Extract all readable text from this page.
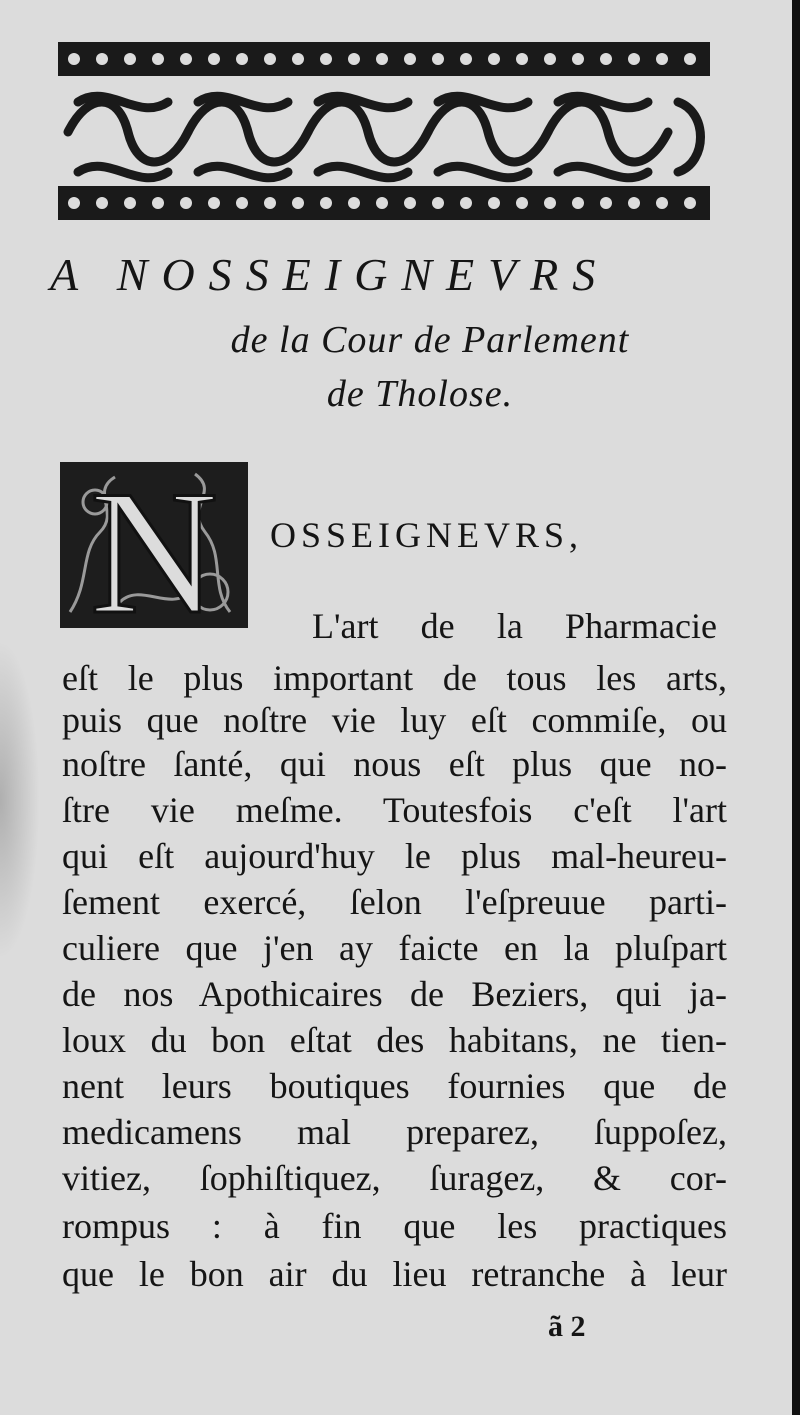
A NOSSEIGNEVRS
de la Cour de Parlement
de Tholose.
N OSSEIGNEVRS,
L'art de la Pharmacie
eſt le plus important de tous les arts,
puis que noſtre vie luy eſt commiſe, ou
noſtre ſanté, qui nous eſt plus que no-
ſtre vie meſme. Toutesfois c'eſt l'art
qui eſt aujourd'huy le plus mal-heureu-
ſement exercé, ſelon l'eſpreuue parti-
culiere que j'en ay faicte en la pluſpart
de nos Apothicaires de Beziers, qui ja-
loux du bon eſtat des habitans, ne tien-
nent leurs boutiques fournies que de
medicamens mal preparez, ſuppoſez,
vitiez, ſophiſtiquez, ſuragez, & cor-
rompus : à fin que les practiques
que le bon air du lieu retranche à leur
ã 2
